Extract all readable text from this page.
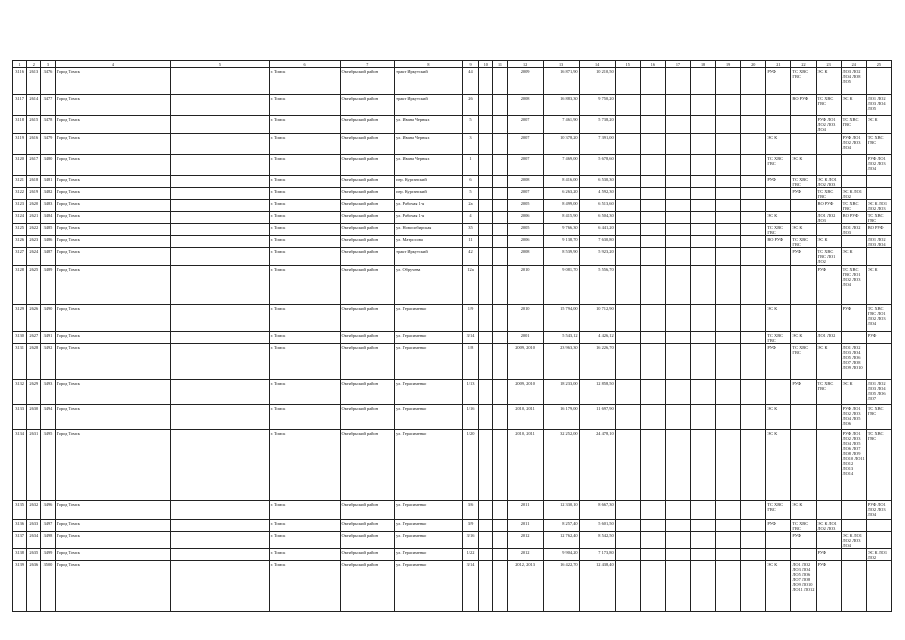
1	2	3	4	5	6	7	8	9	10	11	12	13	14	15	16	17	18	19	20	21	22	23	24	25
3116	2613	3476	Город Томск		г. Томск	Октябрьский район	тракт Иркутский	44			2009	16 871,90	10 210,50							РУФ	ТС ХВС ГВС	ЭС К	ЛОЗ ЛО2 ЛО4 ЛО8 ЛО5	
3117	2614	3477	Город Томск		г. Томск	Октябрьский район	тракт Иркутский	26			2008	16 883,30	9 750,20								ВО РУФ	ТС ХВС ГВС	ЭС К	ЛО1 ЛО2 ЛО3 ЛО4 ЛО5
3118	2615	3478	Город Томск		г. Томск	Октябрьский район	ул. Ивана Черных	5			2007	7 461,90	5 738,20									РУФ ЛО1 ЛО2 ЛО3 ЛО4	ТС ХВС ГВС	ЭС К
3119	2616	3479	Город Томск		г. Томск	Октябрьский район	ул. Ивана Черных	3			2007	10 378,20	7 391,00							ЭС К			РУФ ЛО1 ЛО2 ЛО3 ЛО4	ТС ХВС ГВС
3120	2617	3480	Город Томск		г. Томск	Октябрьский район	ул. Ивана Черных	1			2007	7 469,00	5 678,60							ТС ХВС ГВС	ЭС К			РУФ ЛО1 ЛО2 ЛО3 ЛО4
3121	2618	3481	Город Томск		г. Томск	Октябрьский район	пер. Курганский	6			2008	8 416,00	6 530,30							РУФ	ТС ХВС ГВС	ЭС К ЛО1 ЛО2 ЛО3		
3122	2619	3482	Город Томск		г. Томск	Октябрьский район	пер. Курганский	5			2007	6 263,20	4 592,30								РУФ	ТС ХВС ГВС	ЭС К ЛО1 ЛО2	
3123	2620	3483	Город Томск		г. Томск	Октябрьский район	ул. Рабочая 1-я	2а			2005	8 499,00	6 513,60									ВО РУФ	ТС ХВС ГВС	ЭС К ЛО1 ЛО2 ЛО3
3124	2621	3484	Город Томск		г. Томск	Октябрьский район	ул. Рабочая 1-я	4			2006	8 415,90	6 504,30							ЭС К		ЛО1 ЛО2 ЛО3	ВО РУФ	ТС ХВС ГВС
3125	2622	3485	Город Томск		г. Томск	Октябрьский район	ул. Новосибирская	35			2005	9 766,30	6 441,20							ТС ХВС ГВС	ЭС К		ЛО1 ЛО2 ЛО3	ВО РУФ
3126	2623	3486	Город Томск		г. Томск	Октябрьский район	ул. Матросова	11			2006	9 138,70	7 630,80							ВО РУФ	ТС ХВС ГВС	ЭС К		ЛО1 ЛО2 ЛО3 ЛО4
3127	2624	3487	Город Томск		г. Томск	Октябрьский район	тракт Иркутский	42			2008	8 539,90	5 923,20								РУФ	ТС ХВС ГВС ЛО1 ЛО2	ЭС К	
3128	2625	3489	Город Томск		г. Томск	Октябрьский район	ул. Обручева	12а			2010	9 081,70	5 556,70									РУФ	ТС ХВС ГВС ЛО1 ЛО2 ЛО3 ЛО4	ЭС К
3129	2626	3490	Город Томск		г. Томск	Октябрьский район	ул. Герасименко	1/9			2010	15 794,00	10 712,90							ЭС К			РУФ	ТС ХВС ГВС ЛО1 ЛО2 ЛО3 ЛО4
3130	2627	3491	Город Томск		г. Томск	Октябрьский район	ул. Герасименко	3/14			2001	5 543,12	4 426,12							ТС ХВС ГВС	ЭС К	ЛО1 ЛО2		РУФ
3131	2628	3492	Город Томск		г. Томск	Октябрьский район	ул. Герасименко	1/8			2009, 2010	23 963,30	16 226,70							РУФ	ТС ХВС ГВС	ЭС К	ЛО1 ЛО2 ЛО3 ЛО4 ЛО5 ЛО6 ЛО7 ЛО8 ЛО9 ЛО10	
3132	2629	3493	Город Томск		г. Томск	Октябрьский район	ул. Герасименко	1/13			2009, 2010	18 233,00	12 858,50								РУФ	ТС ХВС ГВС	ЭС К	ЛО1 ЛО2 ЛО3 ЛО4 ЛО5 ЛО6 ЛО7
3133	2630	3494	Город Томск		г. Томск	Октябрьский район	ул. Герасименко	1/16			2010, 2011	16 179,00	11 697,90							ЭС К			РУФ ЛО1 ЛО2 ЛО3 ЛО4 ЛО5 ЛО6	ТС ХВС ГВС
3134	2631	3495	Город Томск		г. Томск	Октябрьский район	ул. Герасименко	1/20			2010, 2011	32 252,00	24 478,10							ЭС К			РУФ ЛО1 ЛО2 ЛО3 ЛО4 ЛО5 ЛО6 ЛО7 ЛО8 ЛО9 ЛО10 ЛО11 ЛО12 ЛО13 ЛО14	ТС ХВС ГВС
3135	2632	3496	Город Томск		г. Томск	Октябрьский район	ул. Герасименко	3/6			2011	12 330,10	8 667,30							ТС ХВС ГВС	ЭС К			РУФ ЛО1 ЛО2 ЛО3 ЛО4
3136	2633	3497	Город Томск		г. Томск	Октябрьский район	ул. Герасименко	3/9			2011	8 257,40	5 601,50							РУФ	ТС ХВС ГВС	ЭС К ЛО1 ЛО2 ЛО3		
3137	2634	3498	Город Томск		г. Томск	Октябрьский район	ул. Герасименко	3/16			2012	12 762,40	8 542,50								РУФ		ЭС К ЛО1 ЛО2 ЛО3 ЛО4	
3138	2635	3499	Город Томск		г. Томск	Октябрьский район	ул. Герасименко	1/22			2012	9 904,20	7 173,80									РУФ		ЭС К ЛО1 ЛО2
3139	2636	3500	Город Томск		г. Томск	Октябрьский район	ул. Герасименко	3/14			2012, 2013	16 422,70	12 438,40							ЭС К	ЛО1 ЛО2 ЛО3 ЛО4 ЛО5 ЛО6 ЛО7 ЛО8 ЛО9 ЛО10 ЛО11 ЛО12	РУФ		
